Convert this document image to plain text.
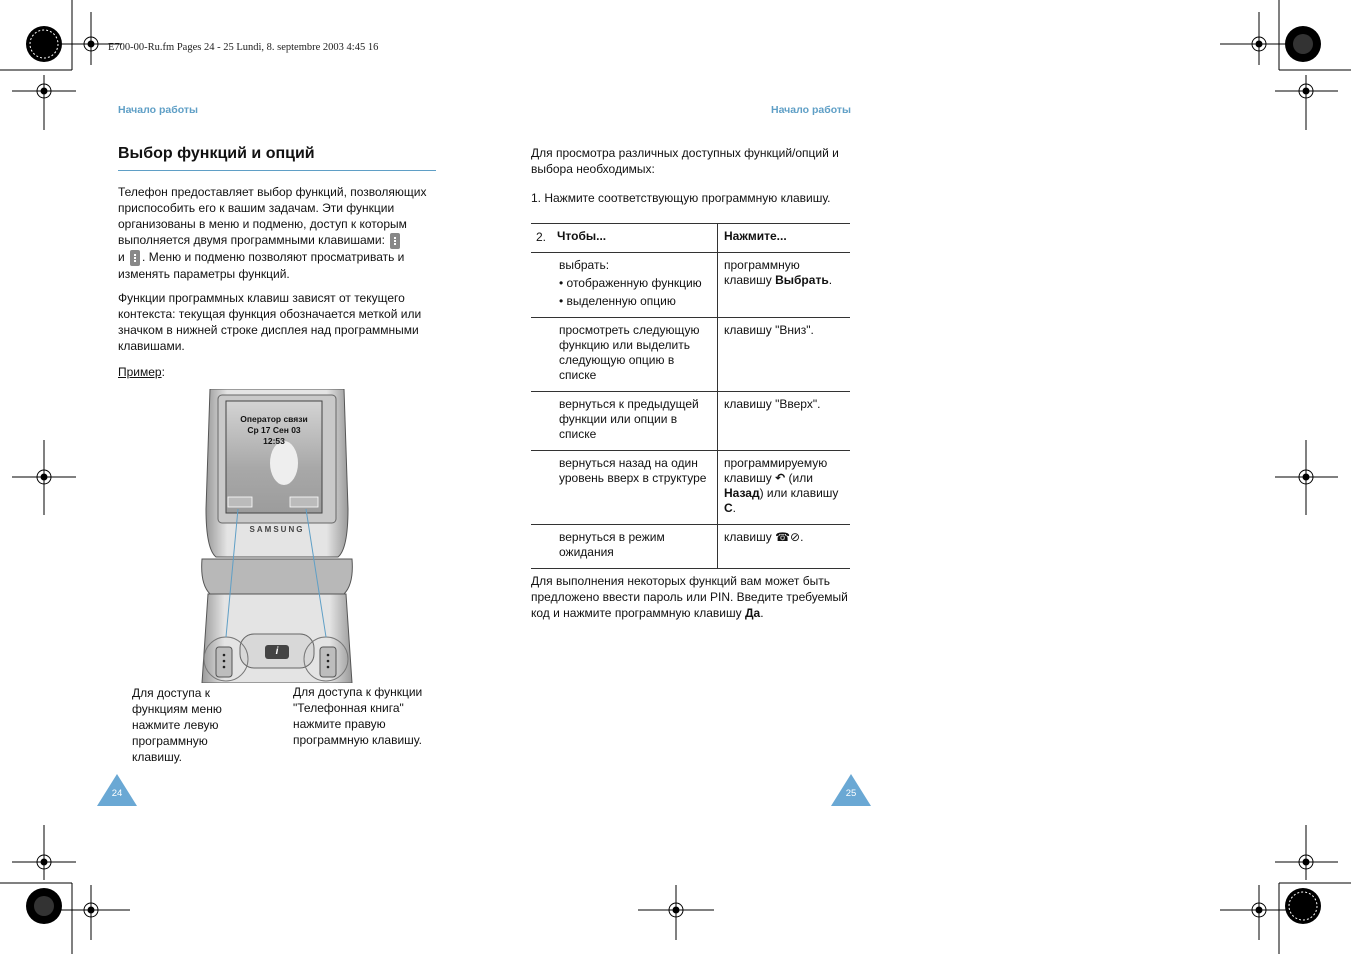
E700-00-Ru.fm Pages 24 - 25 Lundi, 8. septembre 2003 4:45 16
Начало работы	Начало работы
Выбор функций и опций
Телефон предоставляет выбор функций, позволяющих приспособить его к вашим задачам. Эти функции организованы в меню и подменю, доступ к которым выполняется двумя программными клавишами:
и . Меню и подменю позволяют просматривать и изменять параметры функций.
Функции программных клавиш зависят от текущего контекста: текущая функция обозначается меткой или значком в нижней строке дисплея над программными клавишами.
Пример:
Оператор связи
Ср 17 Сен 03
12:53
SAMSUNG
i
Для доступа к функциям меню нажмите левую программную клавишу.
Для доступа к функции "Телефонная книга" нажмите правую программную клавишу.
Для просмотра различных доступных функций/опций и выбора необходимых:
1. Нажмите соответствующую программную клавишу.
2. Чтобы...	Нажмите...

выбрать:
• отображенную функцию
• выделенную опцию	программную клавишу Выбрать.
просмотреть следующую функцию или выделить следующую опцию в списке	клавишу "Вниз".
вернуться к предыдущей функции или опции в списке	клавишу "Вверх".
вернуться назад на один уровень вверх в структуре	программируемую клавишу ↶ (или Назад) или клавишу C.
вернуться в режим ожидания	клавишу ☎⊘.
Для выполнения некоторых функций вам может быть предложено ввести пароль или PIN. Введите требуемый код и нажмите программную клавишу Да.
24	25
